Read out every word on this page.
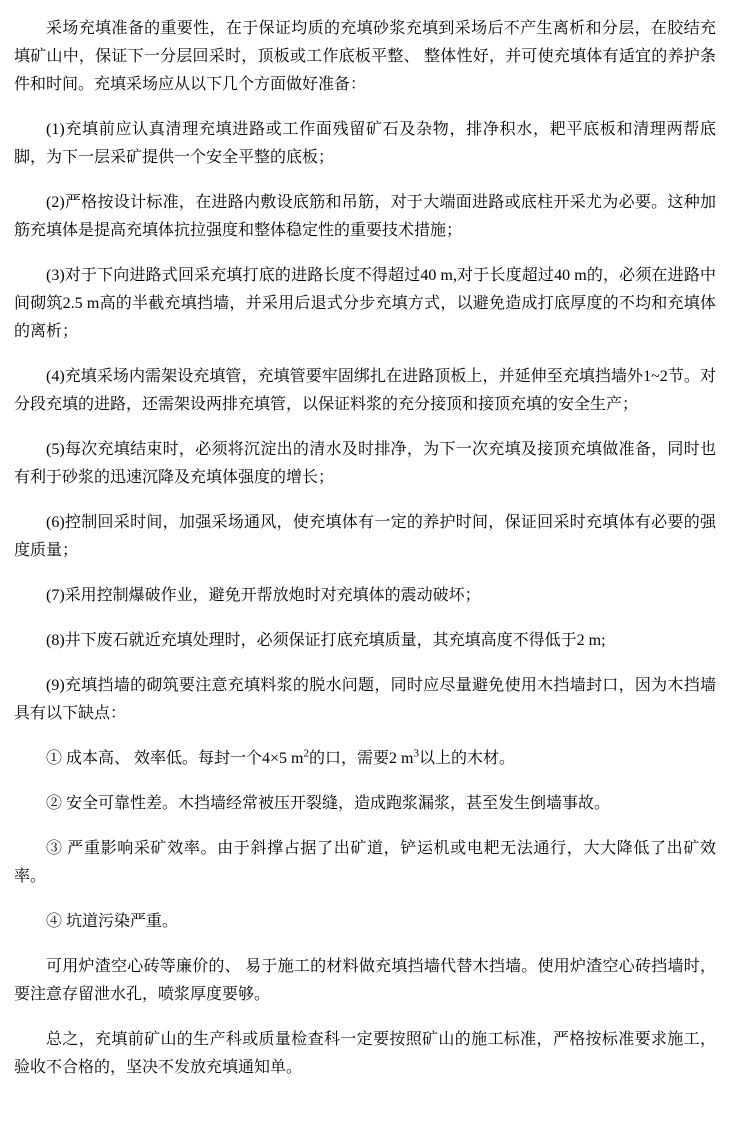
采场充填准备的重要性，在于保证均质的充填砂浆充填到采场后不产生离析和分层，在胶结充填矿山中，保证下一分层回采时，顶板或工作底板平整、 整体性好，并可使充填体有适宜的养护条件和时间。充填采场应从以下几个方面做好准备：

(1)充填前应认真清理充填进路或工作面残留矿石及杂物，排净积水，耙平底板和清理两帮底脚，为下一层采矿提供一个安全平整的底板；

(2)严格按设计标准，在进路内敷设底筋和吊筋，对于大端面进路或底柱开采尤为必要。这种加筋充填体是提高充填体抗拉强度和整体稳定性的重要技术措施；

(3)对于下向进路式回采充填打底的进路长度不得超过40 m,对于长度超过40 m的，必须在进路中间砌筑2.5 m高的半截充填挡墙，并采用后退式分步充填方式，以避免造成打底厚度的不均和充填体的离析；

(4)充填采场内需架设充填管，充填管要牢固绑扎在进路顶板上，并延伸至充填挡墙外1~2节。对分段充填的进路，还需架设两排充填管，以保证料浆的充分接顶和接顶充填的安全生产；

(5)每次充填结束时，必须将沉淀出的清水及时排净，为下一次充填及接顶充填做准备，同时也有利于砂浆的迅速沉降及充填体强度的增长；

(6)控制回采时间，加强采场通风，使充填体有一定的养护时间，保证回采时充填体有必要的强度质量；

(7)采用控制爆破作业，避免开帮放炮时对充填体的震动破坏；

(8)井下废石就近充填处理时，必须保证打底充填质量，其充填高度不得低于2 m;

(9)充填挡墙的砌筑要注意充填料浆的脱水问题，同时应尽量避免使用木挡墙封口，因为木挡墙具有以下缺点：

① 成本高、 效率低。每封一个4×5 $m^2$的口，需要2 $m^3$以上的木材。

② 安全可靠性差。木挡墙经常被压开裂缝，造成跑浆漏浆，甚至发生倒墙事故。

③ 严重影响采矿效率。由于斜撑占据了出矿道，铲运机或电耙无法通行，大大降低了出矿效率。

④ 坑道污染严重。

可用炉渣空心砖等廉价的、 易于施工的材料做充填挡墙代替木挡墙。使用炉渣空心砖挡墙时，要注意存留泄水孔，喷浆厚度要够。

总之，充填前矿山的生产科或质量检查科一定要按照矿山的施工标准，严格按标准要求施工，验收不合格的，坚决不发放充填通知单。
